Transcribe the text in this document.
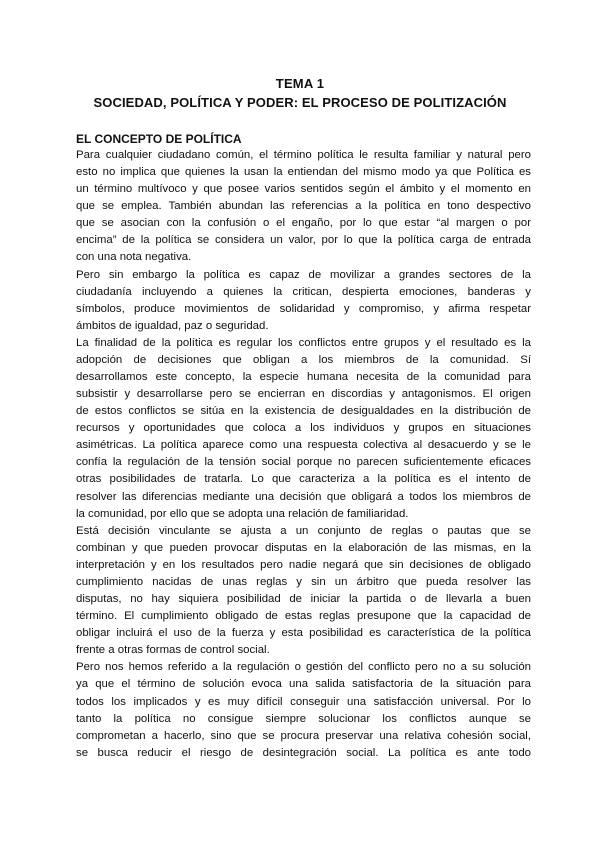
TEMA 1
SOCIEDAD, POLÍTICA Y PODER: EL PROCESO DE POLITIZACIÓN
EL CONCEPTO DE POLÍTICA
Para cualquier ciudadano común, el término política le resulta familiar y natural pero
esto no implica que quienes la usan la entiendan del mismo modo ya que Política es
un término multívoco y que posee varios sentidos según el ámbito y el momento en
que se emplea. También abundan las referencias a la política en tono despectivo
que se asocian con la confusión o el engaño, por lo que estar “al margen o por
encima” de la política se considera un valor, por lo que la política carga de entrada
con una nota negativa.
Pero sin embargo la política es capaz de movilizar a grandes sectores de la
ciudadanía incluyendo a quienes la critican, despierta emociones, banderas y
símbolos, produce movimientos de solidaridad y compromiso, y afirma respetar
ámbitos de igualdad, paz o seguridad.
La finalidad de la política es regular los conflictos entre grupos y el resultado es la
adopción de decisiones que obligan a los miembros de la comunidad. Sí
desarrollamos este concepto, la especie humana necesita de la comunidad para
subsistir y desarrollarse pero se encierran en discordias y antagonismos. El origen
de estos conflictos se sitúa en la existencia de desigualdades en la distribución de
recursos y oportunidades que coloca a los individuos y grupos en situaciones
asimétricas. La política aparece como una respuesta colectiva al desacuerdo y se le
confía la regulación de la tensión social porque no parecen suficientemente eficaces
otras posibilidades de tratarla. Lo que caracteriza a la política es el intento de
resolver las diferencias mediante una decisión que obligará a todos los miembros de
la comunidad, por ello que se adopta una relación de familiaridad.
Está decisión vinculante se ajusta a un conjunto de reglas o pautas que se
combinan y que pueden provocar disputas en la elaboración de las mismas, en la
interpretación y en los resultados pero nadie negará que sin decisiones de obligado
cumplimiento nacidas de unas reglas y sin un árbitro que pueda resolver las
disputas, no hay siquiera posibilidad de iniciar la partida o de llevarla a buen
término. El cumplimiento obligado de estas reglas presupone que la capacidad de
obligar incluirá el uso de la fuerza y esta posibilidad es característica de la política
frente a otras formas de control social.
Pero nos hemos referido a la regulación o gestión del conflicto pero no a su solución
ya que el término de solución evoca una salida satisfactoria de la situación para
todos los implicados y es muy difícil conseguir una satisfacción universal. Por lo
tanto la política no consigue siempre solucionar los conflictos aunque se
comprometan a hacerlo, sino que se procura preservar una relativa cohesión social,
se busca reducir el riesgo de desintegración social. La política es ante todo
